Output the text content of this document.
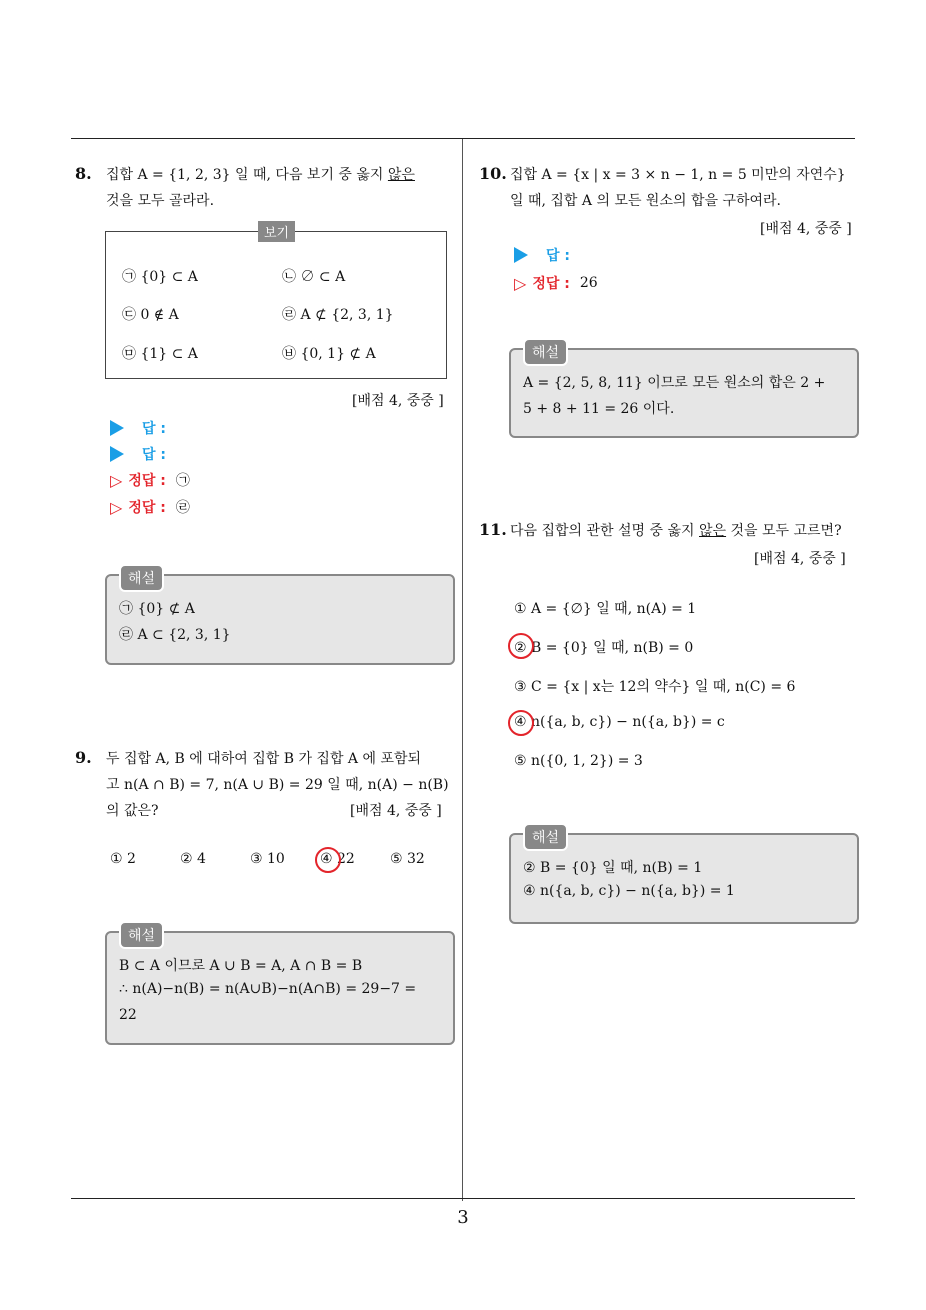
3
8. 집합 A = {1, 2, 3} 일 때, 다음 보기 중 옳지 않은
것을 모두 골라라.
보기
㉠ {0} ⊂ A	㉡ ∅ ⊂ A
㉢ 0 ∉ A	㉣ A ⊄ {2, 3, 1}
㉤ {1} ⊂ A	㉥ {0, 1} ⊄ A
[배점 4, 중중 ]
답 :
답 :
▷ 정답 : ㉠
▷ 정답 : ㉣
해설
㉠ {0} ⊄ A
㉣ A ⊂ {2, 3, 1}
9. 두 집합 A, B 에 대하여 집합 B 가 집합 A 에 포함되
고 n(A ∩ B) = 7, n(A ∪ B) = 29 일 때, n(A) − n(B)
의 값은?	[배점 4, 중중 ]
① 2	② 4	③ 10	④ 22	⑤ 32
해설
B ⊂ A 이므로 A ∪ B = A, A ∩ B = B
∴ n(A)−n(B) = n(A∪B)−n(A∩B) = 29−7 =
22
10. 집합 A = {x | x = 3 × n − 1, n = 5 미만의 자연수}
일 때, 집합 A 의 모든 원소의 합을 구하여라.
[배점 4, 중중 ]
답 :
▷ 정답 : 26
해설
A = {2, 5, 8, 11} 이므로 모든 원소의 합은 2 +
5 + 8 + 11 = 26 이다.
11. 다음 집합의 관한 설명 중 옳지 않은 것을 모두 고르면?
[배점 4, 중중 ]
① A = {∅} 일 때, n(A) = 1
② B = {0} 일 때, n(B) = 0
③ C = {x | x는 12의 약수} 일 때, n(C) = 6
④ n({a, b, c}) − n({a, b}) = c
⑤ n({0, 1, 2}) = 3
해설
② B = {0} 일 때, n(B) = 1
④ n({a, b, c}) − n({a, b}) = 1
